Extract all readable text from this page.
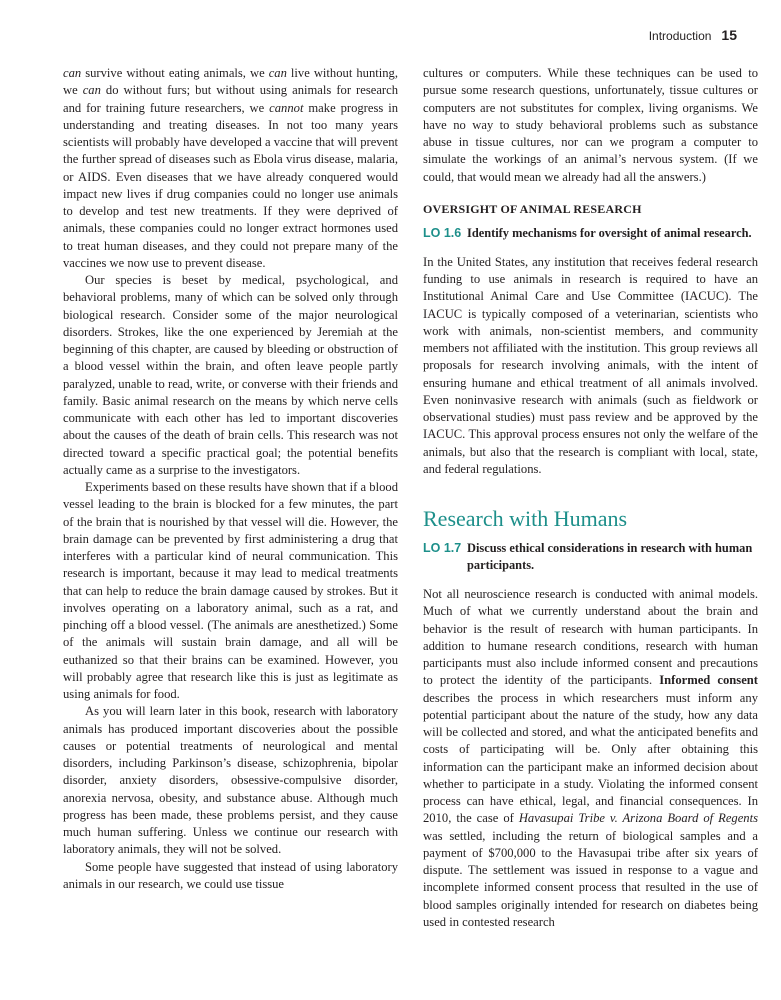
Introduction 15

can survive without eating animals, we can live without hunting, we can do without furs; but without using animals for research and for training future researchers, we cannot make progress in understanding and treating diseases. In not too many years scientists will probably have developed a vaccine that will prevent the further spread of diseases such as Ebola virus disease, malaria, or AIDS. Even diseases that we have already conquered would impact new lives if drug companies could no longer use animals to develop and test new treatments. If they were deprived of animals, these companies could no longer extract hormones used to treat human diseases, and they could not prepare many of the vaccines we now use to prevent disease.

Our species is beset by medical, psychological, and behavioral problems, many of which can be solved only through biological research. Consider some of the major neurological disorders. Strokes, like the one experienced by Jeremiah at the beginning of this chapter, are caused by bleeding or obstruction of a blood vessel within the brain, and often leave people partly paralyzed, unable to read, write, or converse with their friends and family. Basic animal research on the means by which nerve cells communicate with each other has led to important discoveries about the causes of the death of brain cells. This research was not directed toward a specific practical goal; the potential benefits actually came as a surprise to the investigators.

Experiments based on these results have shown that if a blood vessel leading to the brain is blocked for a few minutes, the part of the brain that is nourished by that vessel will die. However, the brain damage can be prevented by first administering a drug that interferes with a particular kind of neural communication. This research is important, because it may lead to medical treatments that can help to reduce the brain damage caused by strokes. But it involves operating on a laboratory animal, such as a rat, and pinching off a blood vessel. (The animals are anesthetized.) Some of the animals will sustain brain damage, and all will be euthanized so that their brains can be examined. However, you will probably agree that research like this is just as legitimate as using animals for food.

As you will learn later in this book, research with laboratory animals has produced important discoveries about the possible causes or potential treatments of neurological and mental disorders, including Parkinson’s disease, schizophrenia, bipolar disorder, anxiety disorders, obsessive-compulsive disorder, anorexia nervosa, obesity, and substance abuse. Although much progress has been made, these problems persist, and they cause much human suffering. Unless we continue our research with laboratory animals, they will not be solved.

Some people have suggested that instead of using laboratory animals in our research, we could use tissue

cultures or computers. While these techniques can be used to pursue some research questions, unfortunately, tissue cultures or computers are not substitutes for complex, living organisms. We have no way to study behavioral problems such as substance abuse in tissue cultures, nor can we program a computer to simulate the workings of an animal’s nervous system. (If we could, that would mean we already had all the answers.)

OVERSIGHT OF ANIMAL RESEARCH
LO 1.6 Identify mechanisms for oversight of animal research.

In the United States, any institution that receives federal research funding to use animals in research is required to have an Institutional Animal Care and Use Committee (IACUC). The IACUC is typically composed of a veterinarian, scientists who work with animals, non-scientist members, and community members not affiliated with the institution. This group reviews all proposals for research involving animals, with the intent of ensuring humane and ethical treatment of all animals involved. Even noninvasive research with animals (such as fieldwork or observational studies) must pass review and be approved by the IACUC. This approval process ensures not only the welfare of the animals, but also that the research is compliant with local, state, and federal regulations.

Research with Humans
LO 1.7 Discuss ethical considerations in research with human participants.

Not all neuroscience research is conducted with animal models. Much of what we currently understand about the brain and behavior is the result of research with human participants. In addition to humane research conditions, research with human participants must also include informed consent and precautions to protect the identity of the participants. Informed consent describes the process in which researchers must inform any potential participant about the nature of the study, how any data will be collected and stored, and what the anticipated benefits and costs of participating will be. Only after obtaining this information can the participant make an informed decision about whether to participate in a study. Violating the informed consent process can have ethical, legal, and financial consequences. In 2010, the case of Havasupai Tribe v. Arizona Board of Regents was settled, including the return of biological samples and a payment of $700,000 to the Havasupai tribe after six years of dispute. The settlement was issued in response to a vague and incomplete informed consent process that resulted in the use of blood samples originally intended for research on diabetes being used in contested research
